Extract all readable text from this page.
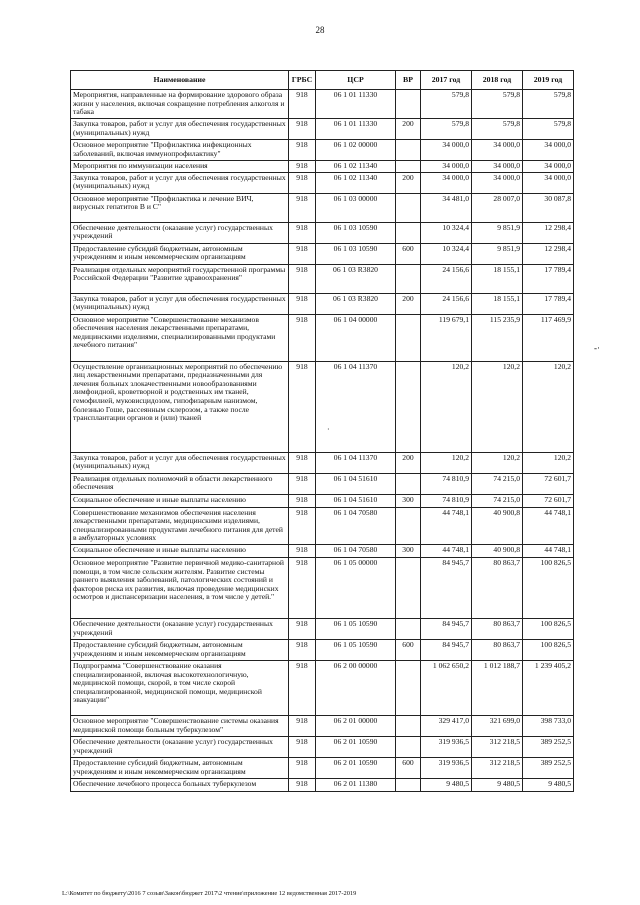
28
-·
·
Наименование	ГРБС	ЦСР	ВР	2017 год	2018 год	2019 год
Мероприятия, направленные на формирование здорового образа жизни у населения, включая сокращение потребления алкоголя и табака	918	06 1 01 11330		579,8	579,8	579,8
Закупка товаров, работ и услуг для обеспечения государственных (муниципальных) нужд	918	06 1 01 11330	200	579,8	579,8	579,8
Основное мероприятие "Профилактика инфекционных заболеваний, включая иммунопрофилактику"	918	06 1 02 00000		34 000,0	34 000,0	34 000,0
Мероприятия по иммунизации населения	918	06 1 02 11340		34 000,0	34 000,0	34 000,0
Закупка товаров, работ и услуг для обеспечения государственных (муниципальных) нужд	918	06 1 02 11340	200	34 000,0	34 000,0	34 000,0
Основное мероприятие "Профилактика и лечение ВИЧ, вирусных гепатитов В и С"	918	06 1 03 00000		34 481,0	28 007,0	30 087,8
Обеспечение деятельности (оказание услуг) государственных учреждений	918	06 1 03 10590		10 324,4	9 851,9	12 298,4
Предоставление субсидий бюджетным, автономным учреждениям и иным некоммерческим организациям	918	06 1 03 10590	600	10 324,4	9 851,9	12 298,4
Реализация отдельных мероприятий государственной программы Российской Федерации "Развитие здравоохранения"	918	06 1 03 R3820		24 156,6	18 155,1	17 789,4
Закупка товаров, работ и услуг для обеспечения государственных (муниципальных) нужд	918	06 1 03 R3820	200	24 156,6	18 155,1	17 789,4
Основное мероприятие "Совершенствование механизмов обеспечения населения лекарственными препаратами, медицинскими изделиями, специализированными продуктами лечебного питания"	918	06 1 04 00000		119 679,1	115 235,9	117 469,9
Осуществление организационных мероприятий по обеспечению лиц лекарственными препаратами, предназначенными для лечения больных злокачественными новообразованиями лимфоидной, кроветворной и родственных им тканей, гемофилией, муковисцидозом, гипофизарным нанизмом, болезнью Гоше, рассеянным склерозом, а также после трансплантации органов и (или) тканей	918	06 1 04 11370		120,2	120,2	120,2
Закупка товаров, работ и услуг для обеспечения государственных (муниципальных) нужд	918	06 1 04 11370	200	120,2	120,2	120,2
Реализация отдельных полномочий в области лекарственного обеспечения	918	06 1 04 51610		74 810,9	74 215,0	72 601,7
Социальное обеспечение и иные выплаты населению	918	06 1 04 51610	300	74 810,9	74 215,0	72 601,7
Совершенствование механизмов обеспечения населения лекарственными препаратами, медицинскими изделиями, специализированными продуктами лечебного питания для детей в амбулаторных условиях	918	06 1 04 70580		44 748,1	40 900,8	44 748,1
Социальное обеспечение и иные выплаты населению	918	06 1 04 70580	300	44 748,1	40 900,8	44 748,1
Основное мероприятие "Развитие первичной медико-санитарной помощи, в том числе сельским жителям. Развитие системы раннего выявления заболеваний, патологических состояний и факторов риска их развития, включая проведение медицинских осмотров и диспансеризации населения, в том числе у детей."	918	06 1 05 00000		84 945,7	80 863,7	100 826,5
Обеспечение деятельности (оказание услуг) государственных учреждений	918	06 1 05 10590		84 945,7	80 863,7	100 826,5
Предоставление субсидий бюджетным, автономным учреждениям и иным некоммерческим организациям	918	06 1 05 10590	600	84 945,7	80 863,7	100 826,5
Подпрограмма "Совершенствование оказания специализированной, включая высокотехнологичную, медицинской помощи, скорой, в том числе скорой специализированной, медицинской помощи, медицинской эвакуации"	918	06 2 00 00000		1 062 650,2	1 012 188,7	1 239 405,2
Основное мероприятие "Совершенствование системы оказания медицинской помощи больным туберкулезом"	918	06 2 01 00000		329 417,0	321 699,0	398 733,0
Обеспечение деятельности (оказание услуг) государственных учреждений	918	06 2 01 10590		319 936,5	312 218,5	389 252,5
Предоставление субсидий бюджетным, автономным учреждениям и иным некоммерческим организациям	918	06 2 01 10590	600	319 936,5	312 218,5	389 252,5
Обеспечение лечебного процесса больных туберкулезом	918	06 2 01 11380		9 480,5	9 480,5	9 480,5
L:\Комитет по бюджету\2016 7 созыв\Закон\бюджет 2017\2 чтение\приложение 12 ведомственная 2017-2019
